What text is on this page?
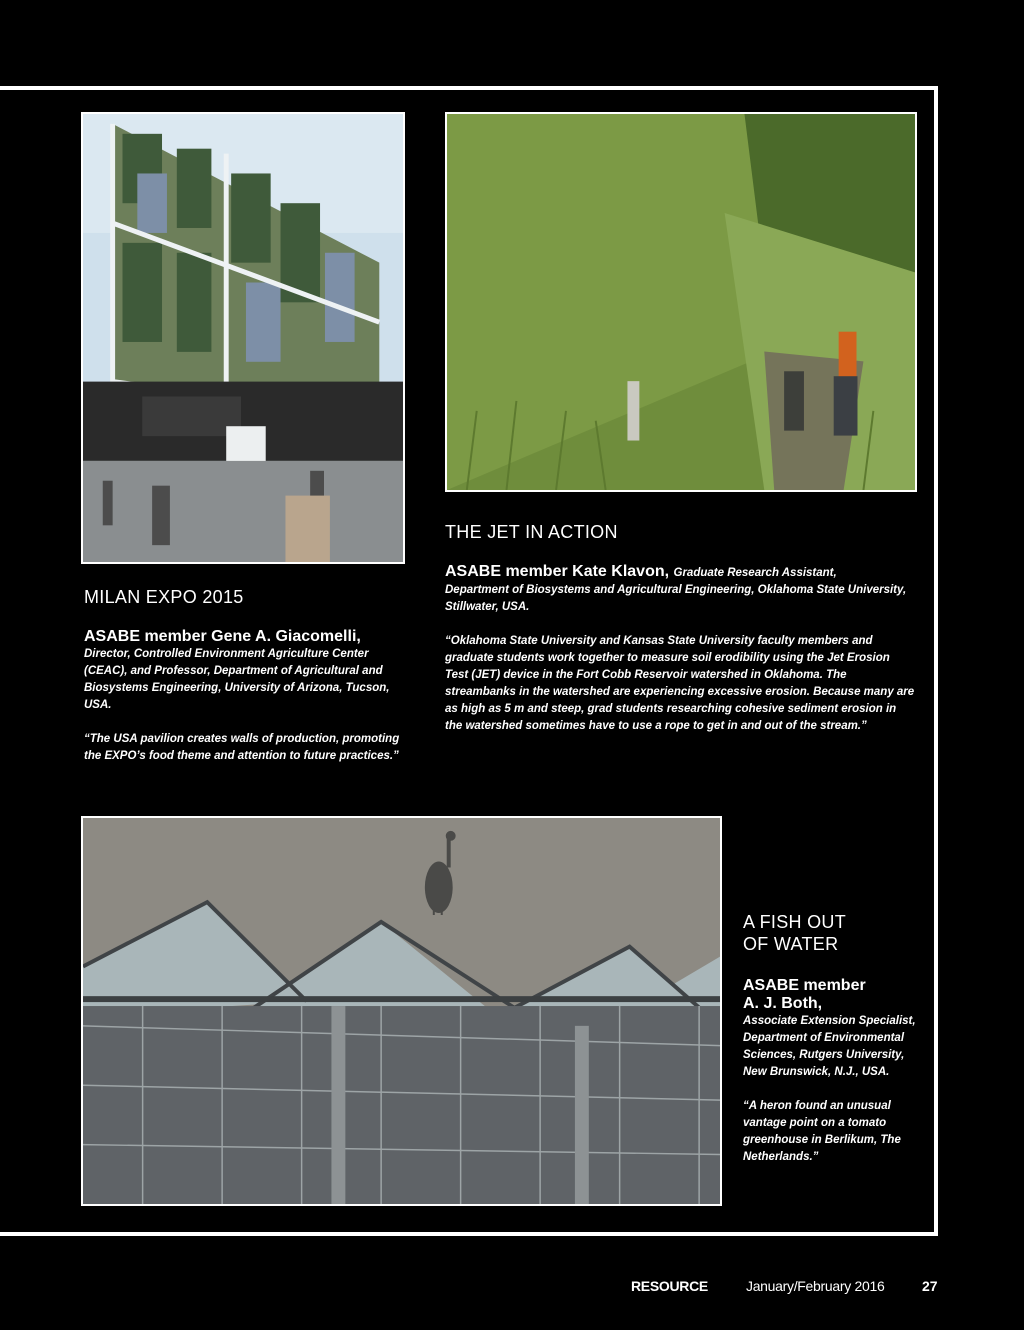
MILAN EXPO 2015
ASABE member Gene A. Giacomelli,
Director, Controlled Environment Agriculture Center (CEAC), and Professor, Department of Agricultural and Biosystems Engineering, University of Arizona, Tucson, USA.
“The USA pavilion creates walls of production, promoting the EXPO’s food theme and attention to future practices.”
THE JET IN ACTION
ASABE member Kate Klavon, Graduate Research Assistant,
Department of Biosystems and Agricultural Engineering, Oklahoma State University, Stillwater, USA.
“Oklahoma State University and Kansas State University faculty members and graduate students work together to measure soil erodibility using the Jet Erosion Test (JET) device in the Fort Cobb Reservoir watershed in Oklahoma. The streambanks in the watershed are experiencing excessive erosion. Because many are as high as 5 m and steep, grad students researching cohesive sediment erosion in the watershed sometimes have to use a rope to get in and out of the stream.”
A FISH OUT
OF WATER
ASABE member
A. J. Both,
Associate Extension Specialist, Department of Environmental Sciences, Rutgers University, New Brunswick, N.J., USA.
“A heron found an unusual vantage point on a tomato greenhouse in Berlikum, The Netherlands.”
RESOURCE	January/February 2016	27
